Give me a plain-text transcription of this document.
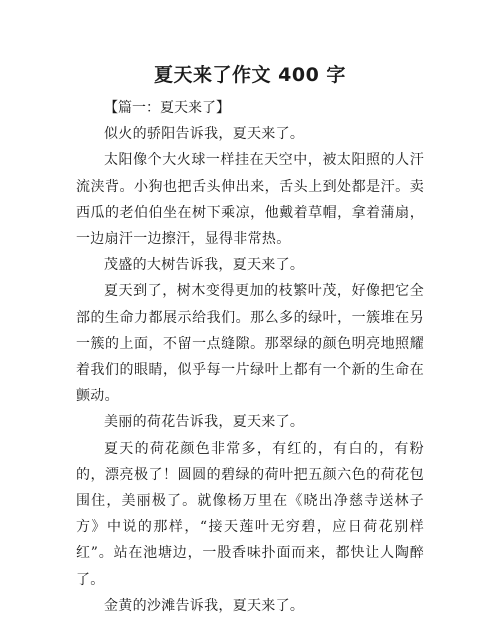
夏天来了作文 400 字

【篇一：夏天来了】

似火的骄阳告诉我，夏天来了。

太阳像个大火球一样挂在天空中，被太阳照的人汗流浃背。小狗也把舌头伸出来，舌头上到处都是汗。卖西瓜的老伯伯坐在树下乘凉，他戴着草帽，拿着蒲扇，一边扇汗一边擦汗，显得非常热。

茂盛的大树告诉我，夏天来了。

夏天到了，树木变得更加的枝繁叶茂，好像把它全部的生命力都展示给我们。那么多的绿叶，一簇堆在另一簇的上面，不留一点缝隙。那翠绿的颜色明亮地照耀着我们的眼睛，似乎每一片绿叶上都有一个新的生命在颤动。

美丽的荷花告诉我，夏天来了。

夏天的荷花颜色非常多，有红的，有白的，有粉的，漂亮极了！圆圆的碧绿的荷叶把五颜六色的荷花包围住，美丽极了。就像杨万里在《晓出净慈寺送林子方》中说的那样，“接天莲叶无穷碧，应日荷花别样红”。站在池塘边，一股香味扑面而来，都快让人陶醉了。

金黄的沙滩告诉我，夏天来了。
